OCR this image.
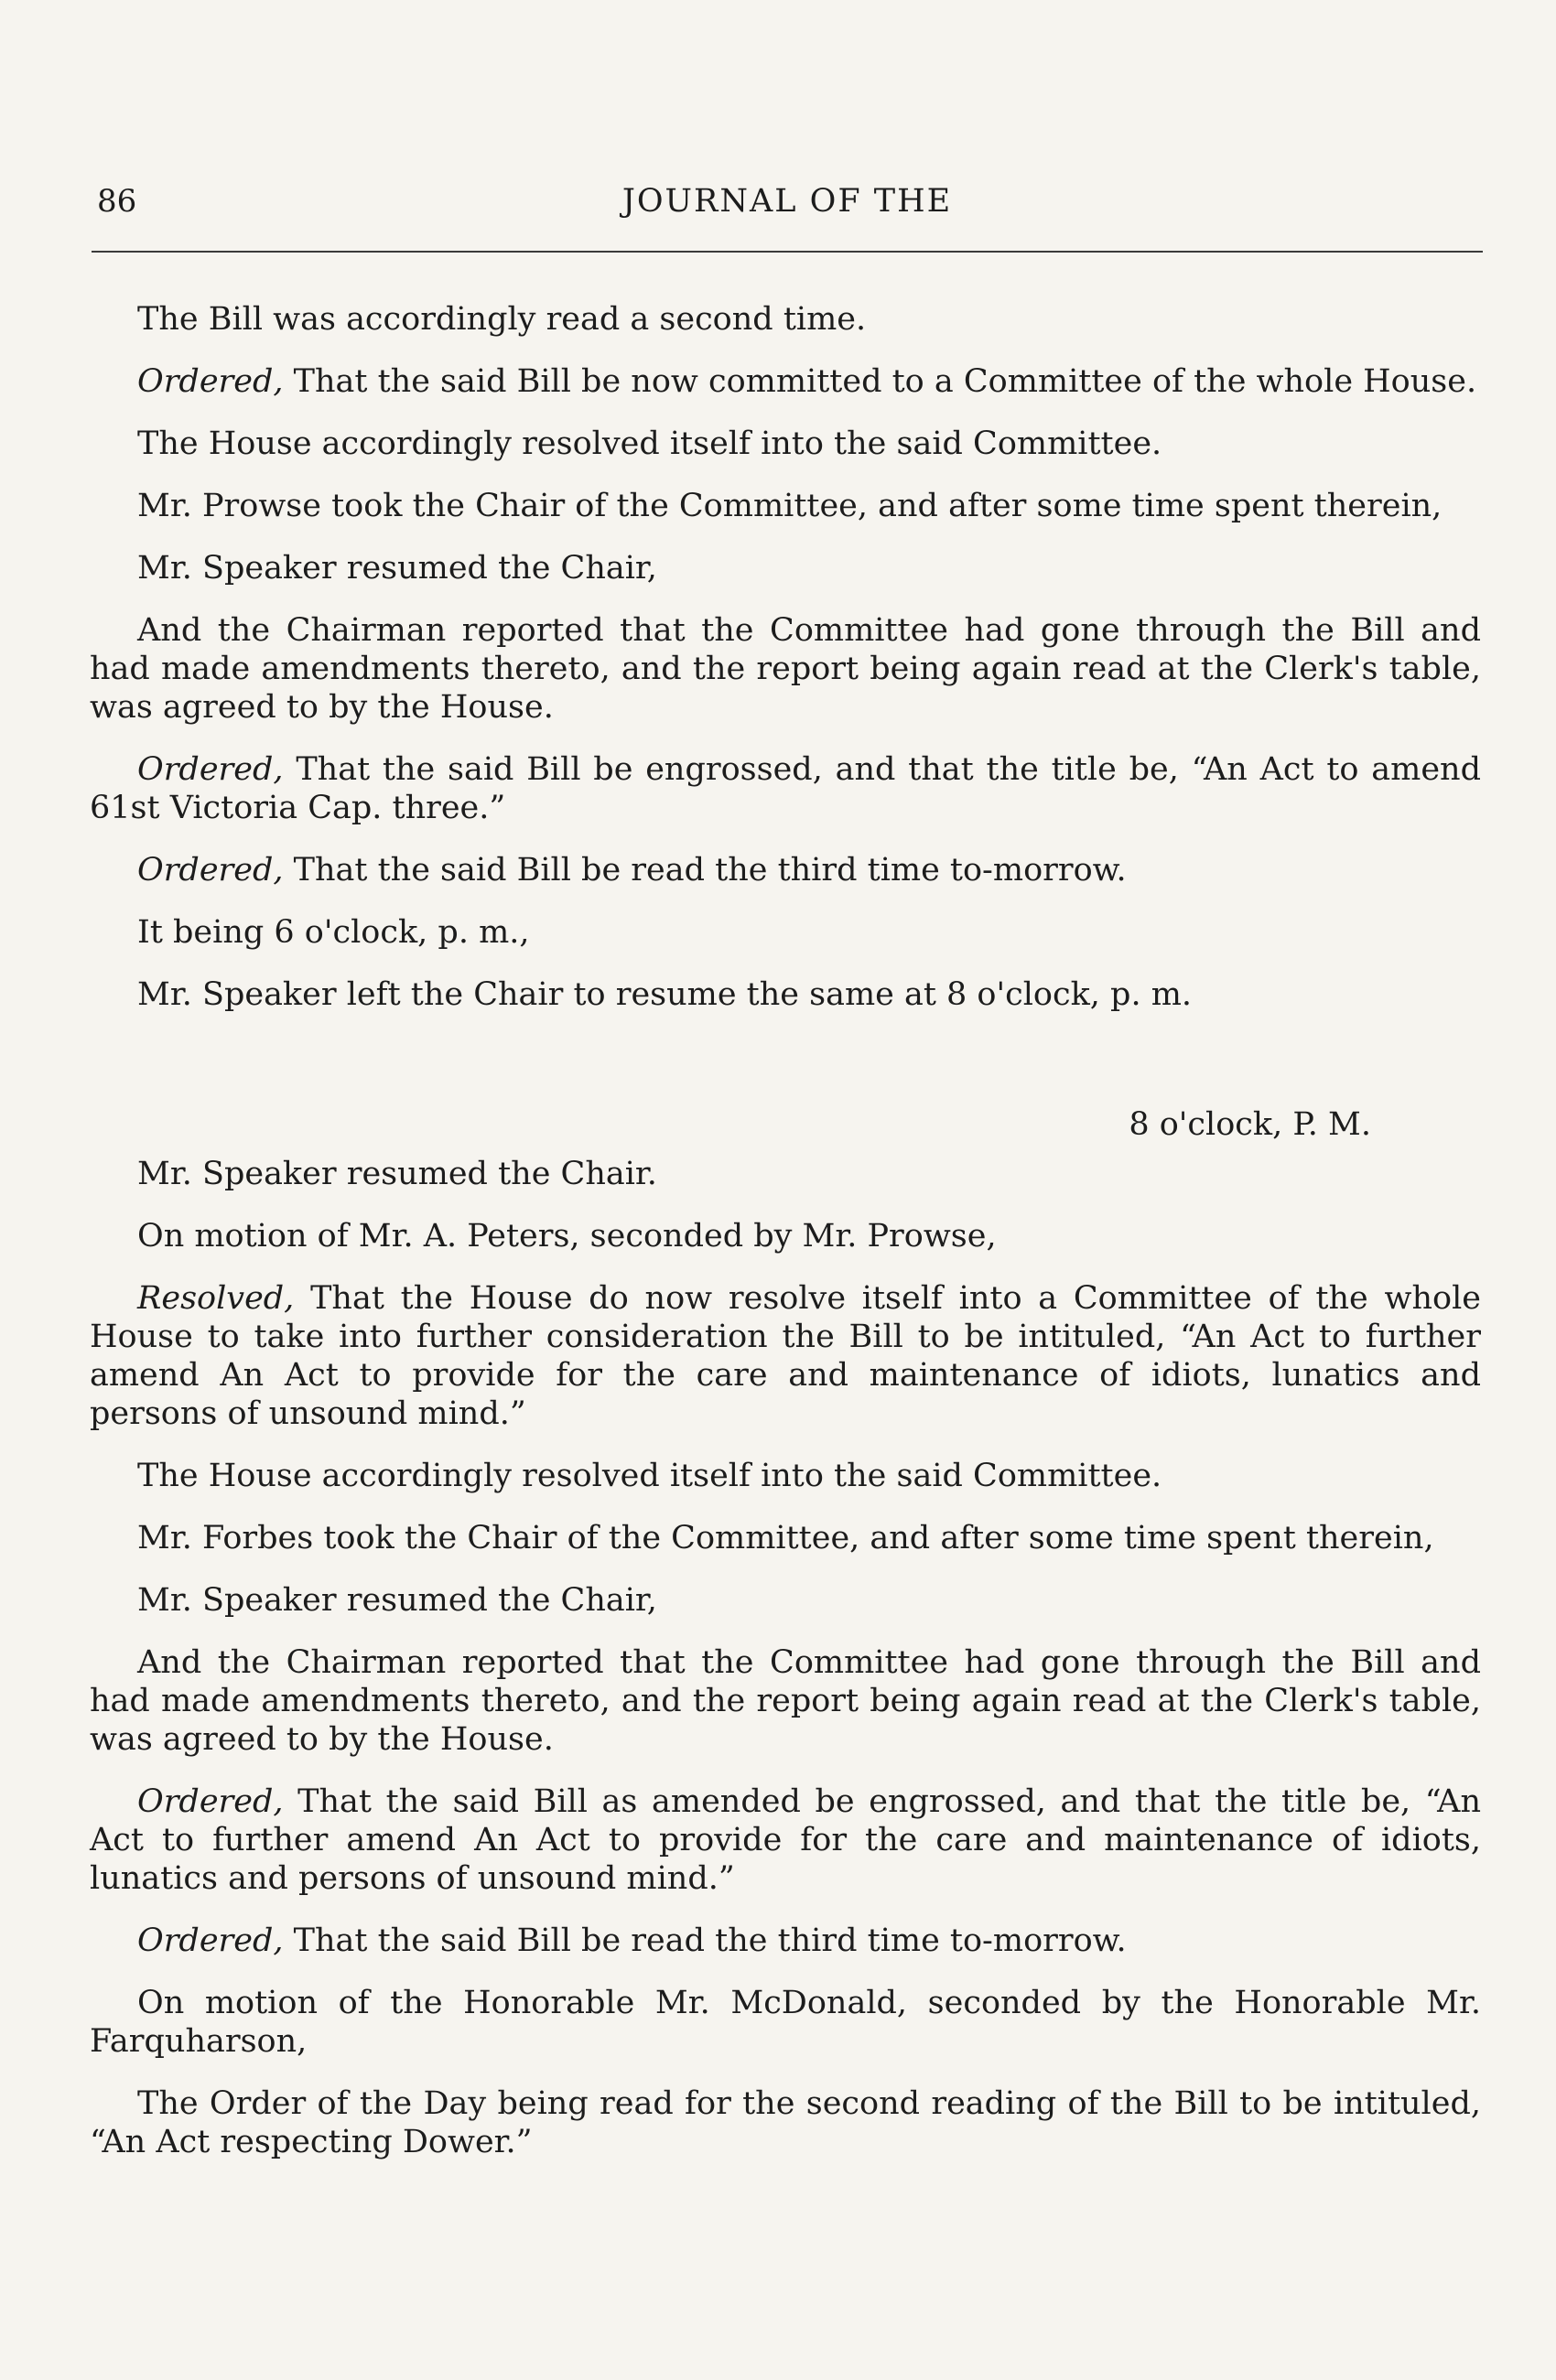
86	JOURNAL OF THE

The Bill was accordingly read a second time.

Ordered, That the said Bill be now committed to a Committee of the whole House.

The House accordingly resolved itself into the said Committee.

Mr. Prowse took the Chair of the Committee, and after some time spent therein,

Mr. Speaker resumed the Chair,

And the Chairman reported that the Committee had gone through the Bill and had made amendments thereto, and the report being again read at the Clerk's table, was agreed to by the House.

Ordered, That the said Bill be engrossed, and that the title be, “An Act to amend 61st Victoria Cap. three.”

Ordered, That the said Bill be read the third time to-morrow.

It being 6 o'clock, p. m.,

Mr. Speaker left the Chair to resume the same at 8 o'clock, p. m.

8 o'clock, P. M.

Mr. Speaker resumed the Chair.

On motion of Mr. A. Peters, seconded by Mr. Prowse,

Resolved, That the House do now resolve itself into a Committee of the whole House to take into further consideration the Bill to be intituled, “An Act to further amend An Act to provide for the care and maintenance of idiots, lunatics and persons of unsound mind.”

The House accordingly resolved itself into the said Committee.

Mr. Forbes took the Chair of the Committee, and after some time spent therein,

Mr. Speaker resumed the Chair,

And the Chairman reported that the Committee had gone through the Bill and had made amendments thereto, and the report being again read at the Clerk's table, was agreed to by the House.

Ordered, That the said Bill as amended be engrossed, and that the title be, “An Act to further amend An Act to provide for the care and maintenance of idiots, lunatics and persons of unsound mind.”

Ordered, That the said Bill be read the third time to-morrow.

On motion of the Honorable Mr. McDonald, seconded by the Honorable Mr. Farquharson,

The Order of the Day being read for the second reading of the Bill to be intituled, “An Act respecting Dower.”
